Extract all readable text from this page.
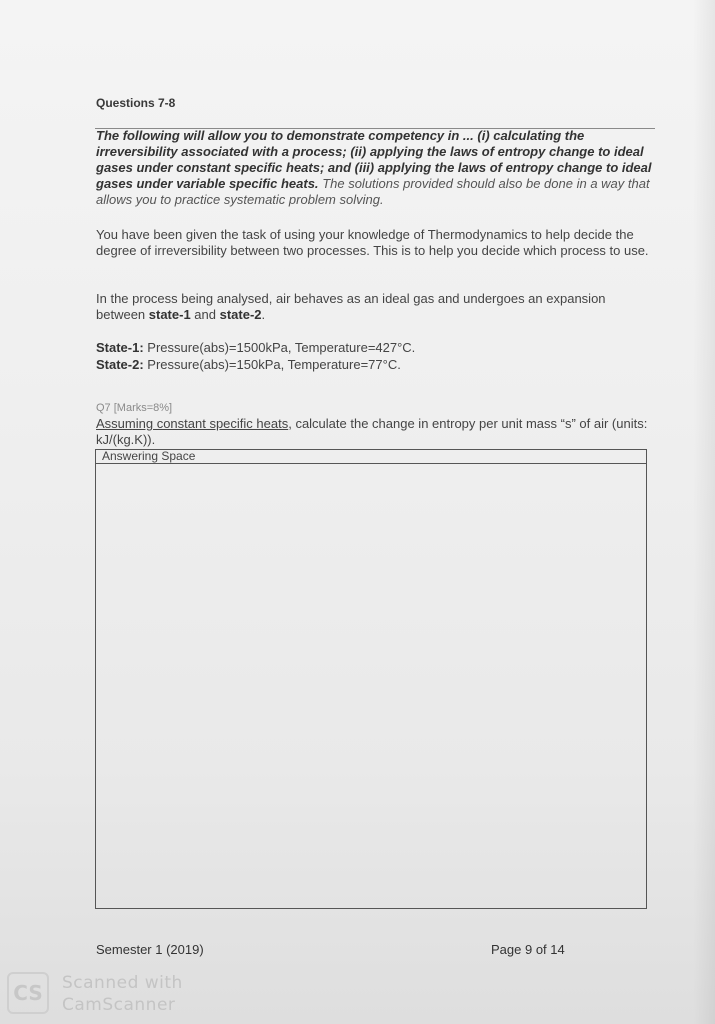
Questions 7-8
The following will allow you to demonstrate competency in ... (i) calculating the irreversibility associated with a process; (ii) applying the laws of entropy change to ideal gases under constant specific heats; and (iii) applying the laws of entropy change to ideal gases under variable specific heats. The solutions provided should also be done in a way that allows you to practice systematic problem solving.
You have been given the task of using your knowledge of Thermodynamics to help decide the degree of irreversibility between two processes. This is to help you decide which process to use.
In the process being analysed, air behaves as an ideal gas and undergoes an expansion between state-1 and state-2.
State-1: Pressure(abs)=1500kPa, Temperature=427°C.
State-2: Pressure(abs)=150kPa, Temperature=77°C.
Q7 [Marks=8%]
Assuming constant specific heats, calculate the change in entropy per unit mass “s” of air (units: kJ/(kg.K)).
Answering Space
Semester 1 (2019)	Page 9 of 14
CS	Scanned with
CamScanner
